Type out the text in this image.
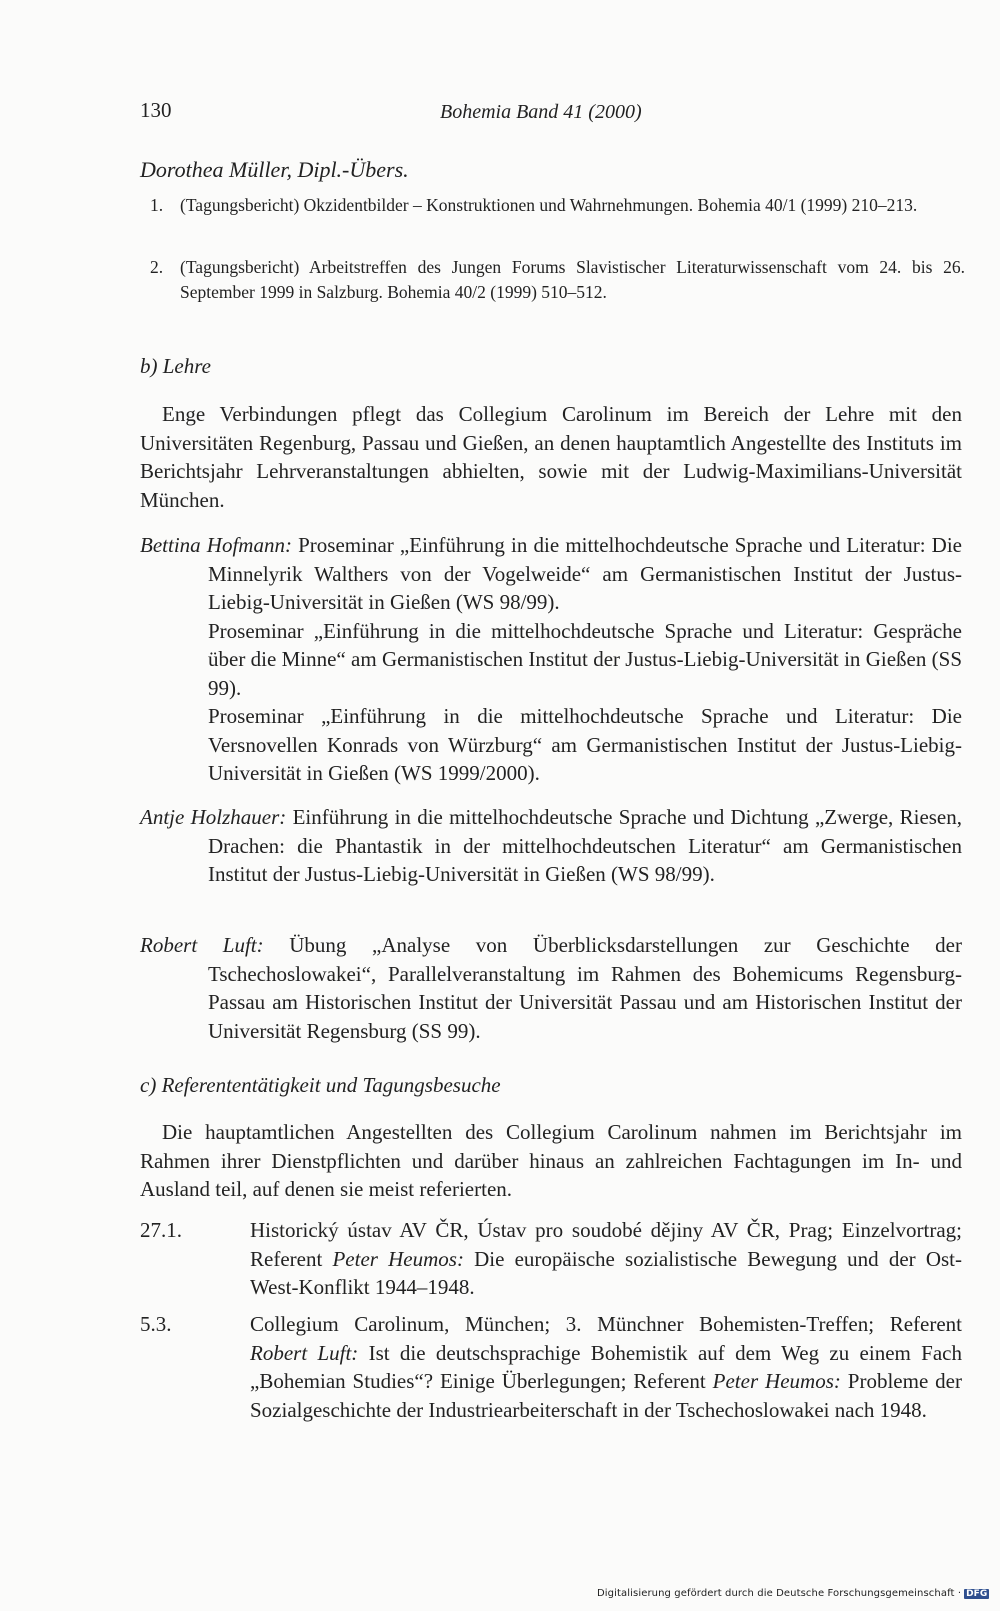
130	Bohemia Band 41 (2000)
Dorothea Müller, Dipl.-Übers.
1. (Tagungsbericht) Okzidentbilder – Konstruktionen und Wahrnehmungen. Bohemia 40/1 (1999) 210–213.
2. (Tagungsbericht) Arbeitstreffen des Jungen Forums Slavistischer Literaturwissenschaft vom 24. bis 26. September 1999 in Salzburg. Bohemia 40/2 (1999) 510–512.
b) Lehre
Enge Verbindungen pflegt das Collegium Carolinum im Bereich der Lehre mit den Universitäten Regenburg, Passau und Gießen, an denen hauptamtlich Angestellte des Instituts im Berichtsjahr Lehrveranstaltungen abhielten, sowie mit der Ludwig-Maximilians-Universität München.
Bettina Hofmann: Proseminar „Einführung in die mittelhochdeutsche Sprache und Literatur: Die Minnelyrik Walthers von der Vogelweide“ am Germanistischen Institut der Justus-Liebig-Universität in Gießen (WS 98/99).
Proseminar „Einführung in die mittelhochdeutsche Sprache und Literatur: Gespräche über die Minne“ am Germanistischen Institut der Justus-Liebig-Universität in Gießen (SS 99).
Proseminar „Einführung in die mittelhochdeutsche Sprache und Literatur: Die Versnovellen Konrads von Würzburg“ am Germanistischen Institut der Justus-Liebig-Universität in Gießen (WS 1999/2000).
Antje Holzhauer: Einführung in die mittelhochdeutsche Sprache und Dichtung „Zwerge, Riesen, Drachen: die Phantastik in der mittelhochdeutschen Literatur“ am Germanistischen Institut der Justus-Liebig-Universität in Gießen (WS 98/99).
Robert Luft: Übung „Analyse von Überblicksdarstellungen zur Geschichte der Tschechoslowakei“, Parallelveranstaltung im Rahmen des Bohemicums Regensburg-Passau am Historischen Institut der Universität Passau und am Historischen Institut der Universität Regensburg (SS 99).
c) Referententätigkeit und Tagungsbesuche
Die hauptamtlichen Angestellten des Collegium Carolinum nahmen im Berichtsjahr im Rahmen ihrer Dienstpflichten und darüber hinaus an zahlreichen Fachtagungen im In- und Ausland teil, auf denen sie meist referierten.
27.1.	Historický ústav AV ČR, Ústav pro soudobé dějiny AV ČR, Prag; Einzelvortrag; Referent Peter Heumos: Die europäische sozialistische Bewegung und der Ost-West-Konflikt 1944–1948.
5.3.	Collegium Carolinum, München; 3. Münchner Bohemisten-Treffen; Referent Robert Luft: Ist die deutschsprachige Bohemistik auf dem Weg zu einem Fach „Bohemian Studies“? Einige Überlegungen; Referent Peter Heumos: Probleme der Sozialgeschichte der Industriearbeiterschaft in der Tschechoslowakei nach 1948.
Digitalisierung gefördert durch die Deutsche Forschungsgemeinschaft · DFG
